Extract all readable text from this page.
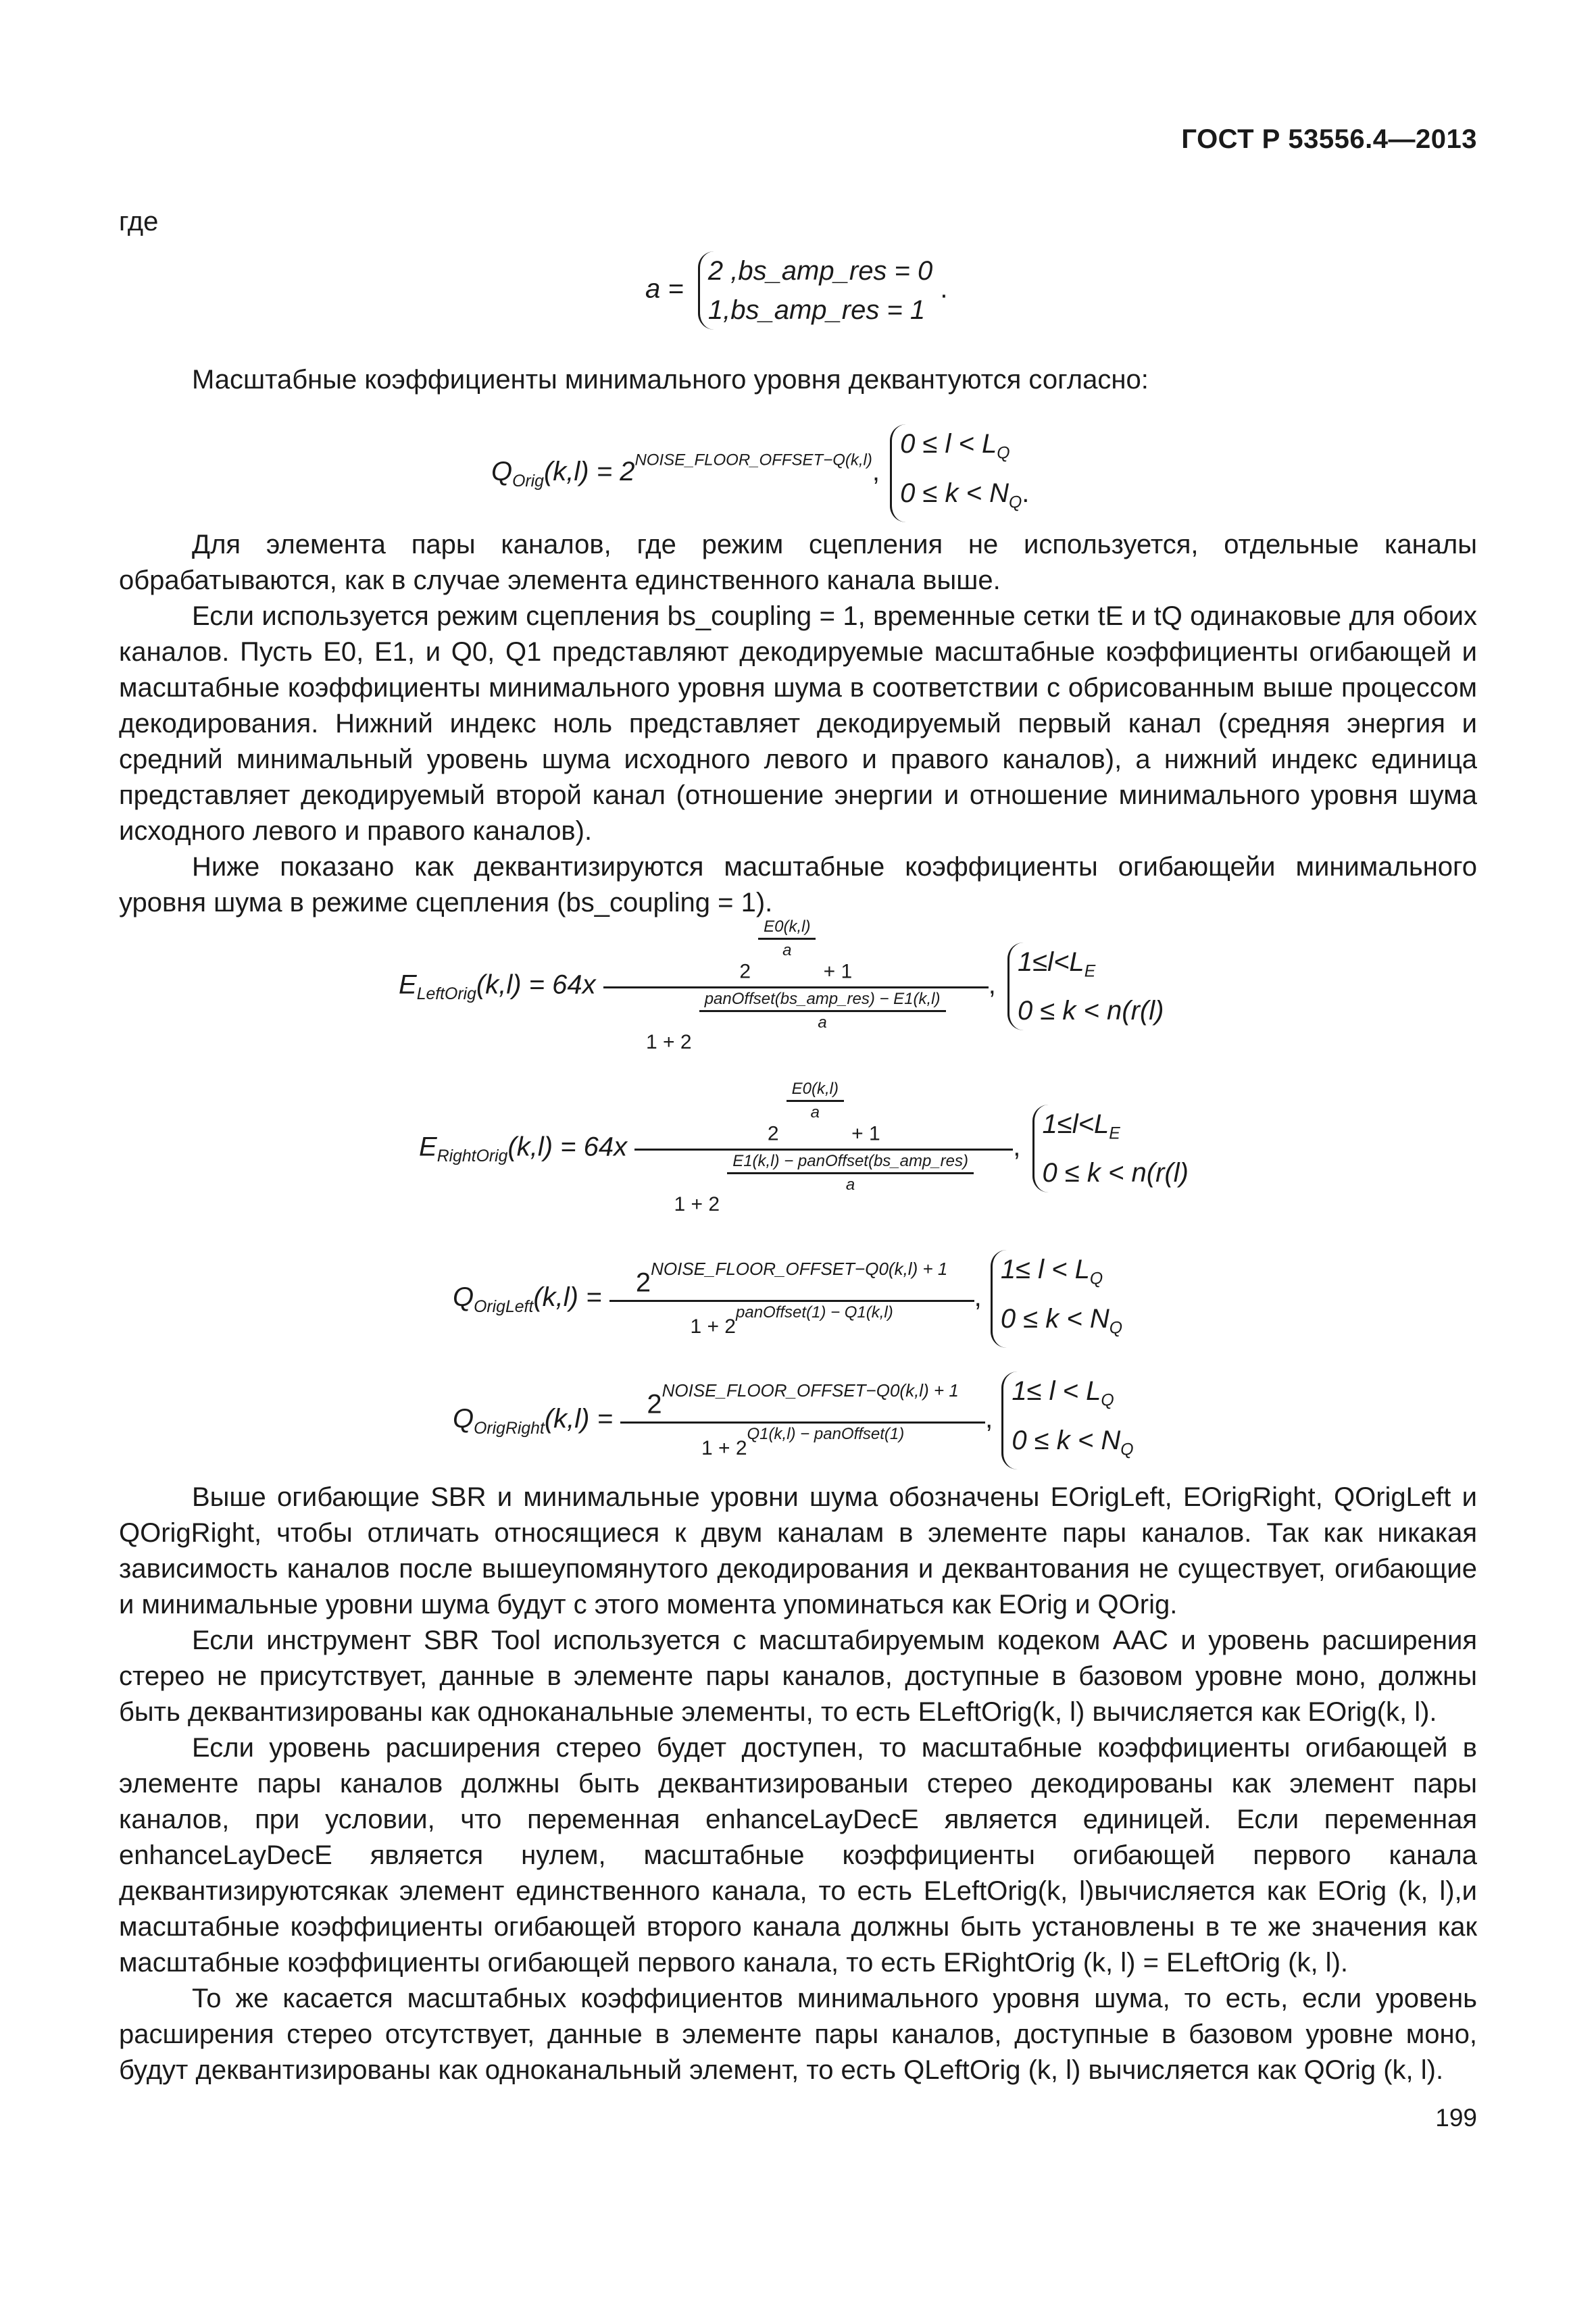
ГОСТ Р 53556.4—2013
где
a =
2 ,bs_amp_res = 0
1,bs_amp_res = 1
.

Масштабные коэффициенты минимального уровня деквантуются согласно:

$Q_{Orig}(k,l) = 2^{NOISE\_FLOOR\_OFFSET-Q(k,l)}$,
$0 \le l < L_Q$
$0 \le k < N_Q$.

Для элемента пары каналов, где режим сцепления не используется, отдельные каналы обрабатываются, как в случае элемента единственного канала выше.

Если используется режим сцепления bs_coupling = 1, временные сетки tE и tQ одинаковые для обоих каналов. Пусть E0, E1, и Q0, Q1 представляют декодируемые масштабные коэффициенты огибающей и масштабные коэффициенты минимального уровня шума в соответствии с обрисованным выше процессом декодирования. Нижний индекс ноль представляет декодируемый первый канал (средняя энергия и средний минимальный уровень шума исходного левого и правого каналов), а нижний индекс единица представляет декодируемый второй канал (отношение энергии и отношение минимального уровня шума исходного левого и правого каналов).

Ниже показано как деквантизируются масштабные коэффициенты огибающейи минимального уровня шума в режиме сцепления (bs_coupling = 1).

$E_{LeftOrig}(k,l) = 64x$ 2
$\frac{E0(k,l)}{a}$
+ 1
1 + 2
$\frac{\text{panOffset(bs\_amp\_res) − E1(k,l)}}{a}$ ,
$1\le l<L_E$
0 ≤ k < n(r(l)
$E_{RightOrig}(k,l) = 64x$ 2
$\frac{E0(k,l)}{a}$
+ 1
1 + 2
$\frac{\text{E1(k,l) − panOffset(bs\_amp\_res)}}{a}$ ,
$1\le l<L_E$
0 ≤ k < n(r(l)
$Q_{OrigLeft}(k,l) = \frac{2^{NOISE\_FLOOR\_OFFSET-Q0(k,l) + 1}}{1 + 2^{panOffset(1) - Q1(k,l)}}$ ,
$1\le l < L_Q$
$0 \le k < N_Q$
$Q_{OrigRight}(k,l) = \frac{2^{NOISE\_FLOOR\_OFFSET-Q0(k,l) + 1}}{1 + 2^{Q1(k,l) - panOffset(1)}}$ ,
$1\le l < L_Q$
$0 \le k < N_Q$

Выше огибающие SBR и минимальные уровни шума обозначены EOrigLeft, EOrigRight, QOrigLeft и QOrigRight, чтобы отличать относящиеся к двум каналам в элементе пары каналов. Так как никакая зависимость каналов после вышеупомянутого декодирования и деквантования не существует, огибающие и минимальные уровни шума будут с этого момента упоминаться как EOrig и QOrig.

Если инструмент SBR Tool используется с масштабируемым кодеком AAC и уровень расширения стерео не присутствует, данные в элементе пары каналов, доступные в базовом уровне моно, должны быть деквантизированы как одноканальные элементы, то есть ELeftOrig(k, l) вычисляется как EOrig(k, l).

Если уровень расширения стерео будет доступен, то масштабные коэффициенты огибающей в элементе пары каналов должны быть деквантизированыи стерео декодированы как элемент пары каналов, при условии, что переменная enhanceLayDecE является единицей. Если переменная enhanceLayDecE является нулем, масштабные коэффициенты огибающей первого канала деквантизируютсякак элемент единственного канала, то есть ELeftOrig(k, l)вычисляется как EOrig (k, l),и масштабные коэффициенты огибающей второго канала должны быть установлены в те же значения как масштабные коэффициенты огибающей первого канала, то есть ERightOrig (k, l) = ELeftOrig (k, l).

То же касается масштабных коэффициентов минимального уровня шума, то есть, если уровень расширения стерео отсутствует, данные в элементе пары каналов, доступные в базовом уровне моно, будут деквантизированы как одноканальный элемент, то есть QLeftOrig (k, l) вычисляется как QOrig (k, l).

199
